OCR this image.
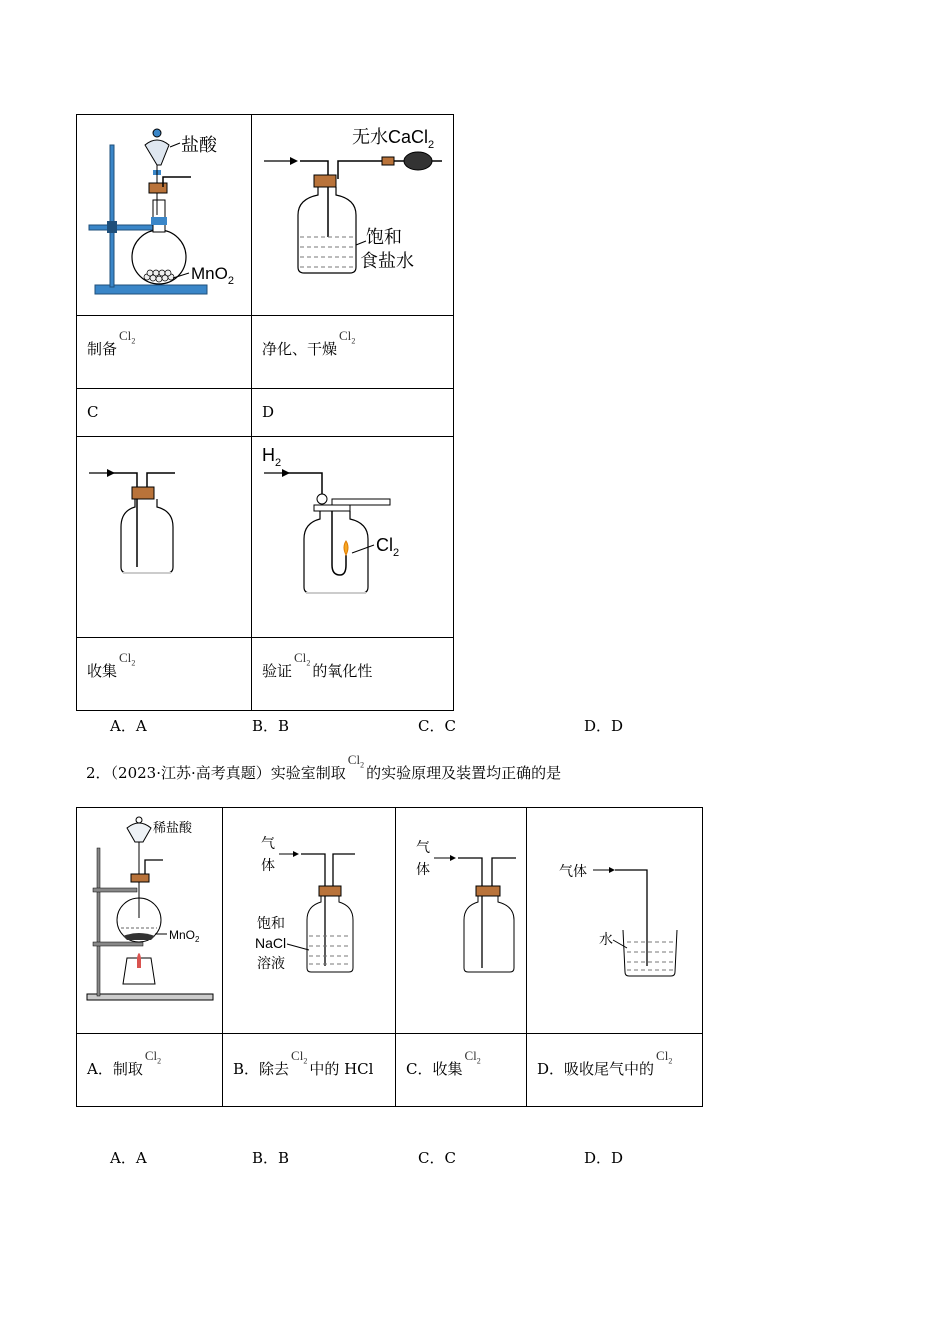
盐酸
MnO$_2$	无水CaCl$_2$
饱和
食盐水

制备$Cl_2$	净化、干燥$Cl_2$

C	D

$H_2$
$Cl_2$

收集$Cl_2$	验证$Cl_2$ 的氧化性
A．A	B．B	C．C	D．D
2．（2023·江苏·高考真题）实验室制取$Cl_2$ 的实验原理及装置均正确的是
稀盐酸
MnO$_2$	气
体
饱和
NaCl
溶液	气
体	气体
水

A．制取$Cl_2$	B．除去$Cl_2$ 中的 HCl	C．收集$Cl_2$	D．吸收尾气中的$Cl_2$
A．A	B．B	C．C	D．D
